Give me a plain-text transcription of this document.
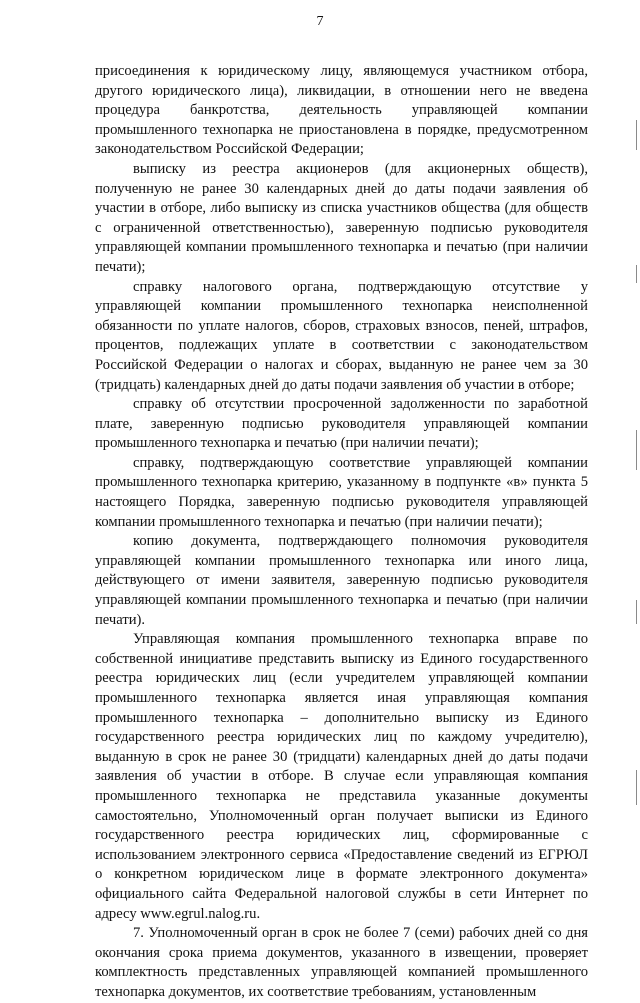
7

присоединения к юридическому лицу, являющемуся участником отбора, другого юридического лица), ликвидации, в отношении него не введена процедура банкротства, деятельность управляющей компании промышленного технопарка не приостановлена в порядке, предусмотренном законодательством Российской Федерации;

выписку из реестра акционеров (для акционерных обществ), полученную не ранее 30 календарных дней до даты подачи заявления об участии в отборе, либо выписку из списка участников общества (для обществ с ограниченной ответственностью), заверенную подписью руководителя управляющей компании промышленного технопарка и печатью (при наличии печати);

справку налогового органа, подтверждающую отсутствие у управляющей компании промышленного технопарка неисполненной обязанности по уплате налогов, сборов, страховых взносов, пеней, штрафов, процентов, подлежащих уплате в соответствии с законодательством Российской Федерации о налогах и сборах, выданную не ранее чем за 30 (тридцать) календарных дней до даты подачи заявления об участии в отборе;

справку об отсутствии просроченной задолженности по заработной плате, заверенную подписью руководителя управляющей компании промышленного технопарка и печатью (при наличии печати);

справку, подтверждающую соответствие управляющей компании промышленного технопарка критерию, указанному в подпункте «в» пункта 5 настоящего Порядка, заверенную подписью руководителя управляющей компании промышленного технопарка и печатью (при наличии печати);

копию документа, подтверждающего полномочия руководителя управляющей компании промышленного технопарка или иного лица, действующего от имени заявителя, заверенную подписью руководителя управляющей компании промышленного технопарка и печатью (при наличии печати).

Управляющая компания промышленного технопарка вправе по собственной инициативе представить выписку из Единого государственного реестра юридических лиц (если учредителем управляющей компании промышленного технопарка является иная управляющая компания промышленного технопарка – дополнительно выписку из Единого государственного реестра юридических лиц по каждому учредителю), выданную в срок не ранее 30 (тридцати) календарных дней до даты подачи заявления об участии в отборе. В случае если управляющая компания промышленного технопарка не представила указанные документы самостоятельно, Уполномоченный орган получает выписки из Единого государственного реестра юридических лиц, сформированные с использованием электронного сервиса «Предоставление сведений из ЕГРЮЛ о конкретном юридическом лице в формате электронного документа» официального сайта Федеральной налоговой службы в сети Интернет по адресу www.egrul.nalog.ru.

7. Уполномоченный орган в срок не более 7 (семи) рабочих дней со дня окончания срока приема документов, указанного в извещении, проверяет комплектность представленных управляющей компанией промышленного технопарка документов, их соответствие требованиям, установленным
